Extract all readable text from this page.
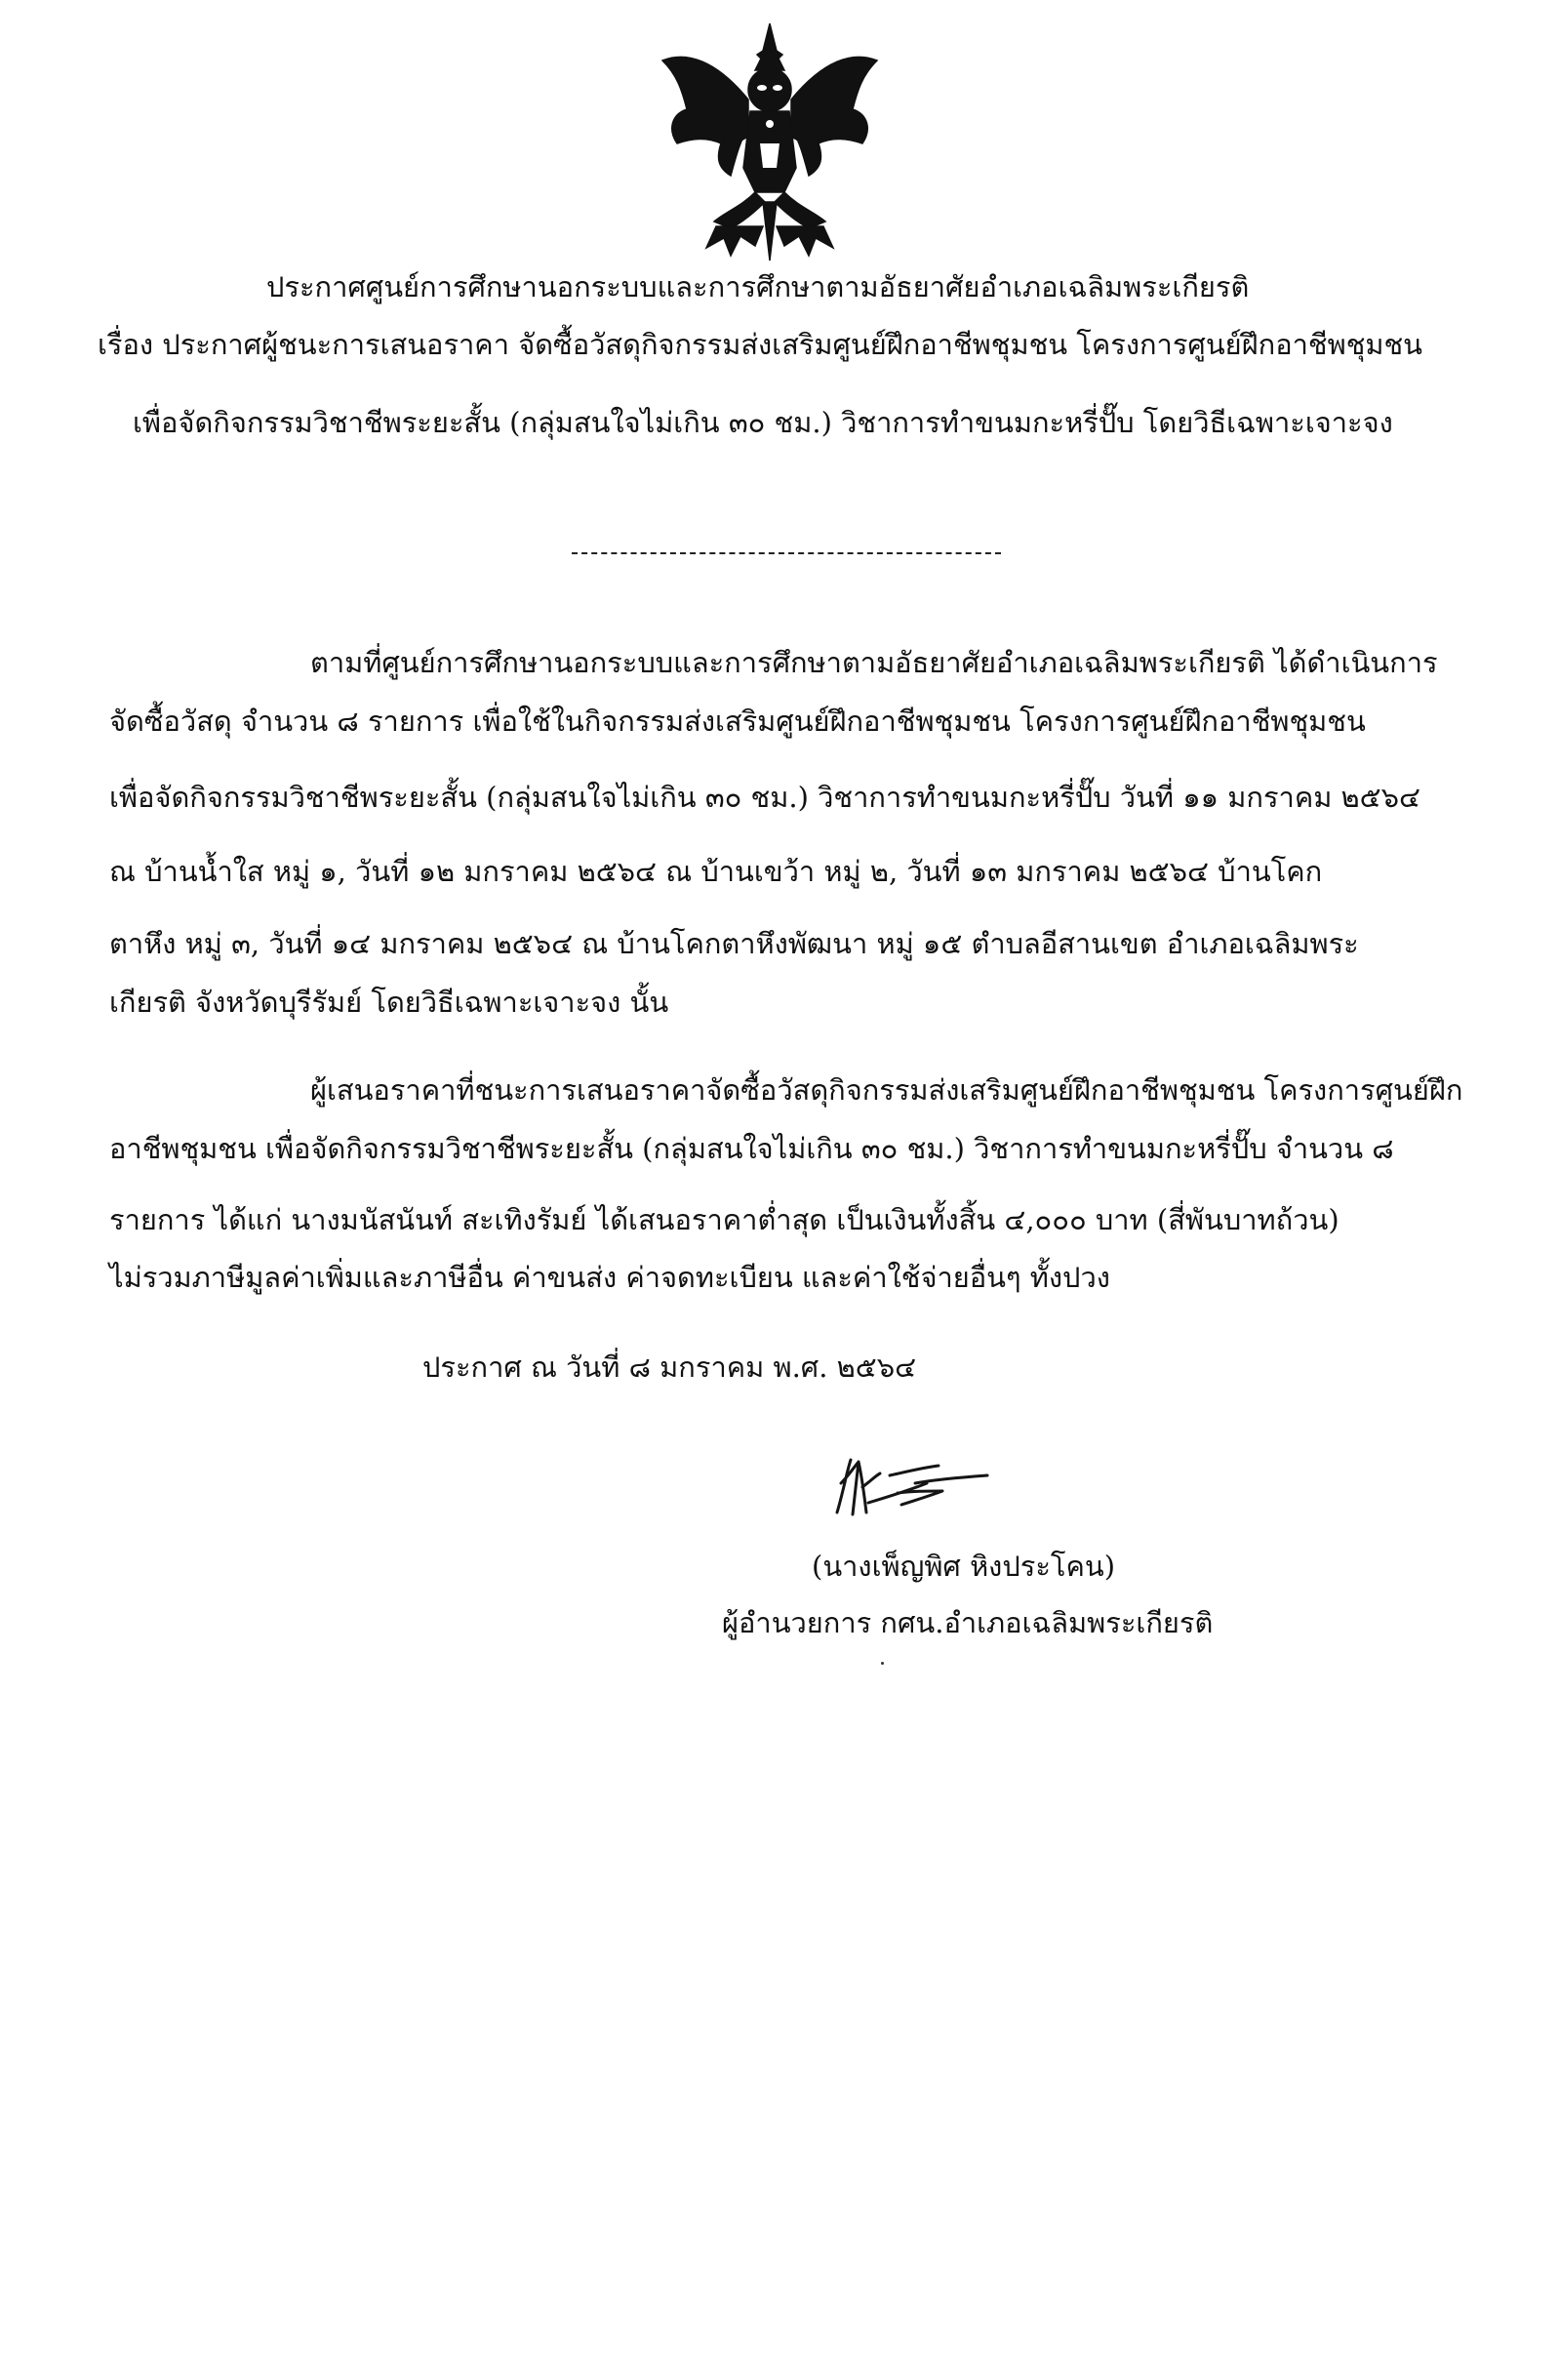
ประกาศศูนย์การศึกษานอกระบบและการศึกษาตามอัธยาศัยอำเภอเฉลิมพระเกียรติ
เรื่อง ประกาศผู้ชนะการเสนอราคา จัดซื้อวัสดุกิจกรรมส่งเสริมศูนย์ฝึกอาชีพชุมชน โครงการศูนย์ฝึกอาชีพชุมชน
เพื่อจัดกิจกรรมวิชาชีพระยะสั้น (กลุ่มสนใจไม่เกิน ๓๐ ชม.) วิชาการทำขนมกะหรี่ปั๊บ โดยวิธีเฉพาะเจาะจง
ตามที่ศูนย์การศึกษานอกระบบและการศึกษาตามอัธยาศัยอำเภอเฉลิมพระเกียรติ ได้ดำเนินการ
จัดซื้อวัสดุ จำนวน ๘ รายการ เพื่อใช้ในกิจกรรมส่งเสริมศูนย์ฝึกอาชีพชุมชน โครงการศูนย์ฝึกอาชีพชุมชน
เพื่อจัดกิจกรรมวิชาชีพระยะสั้น (กลุ่มสนใจไม่เกิน ๓๐ ชม.) วิชาการทำขนมกะหรี่ปั๊บ วันที่ ๑๑ มกราคม ๒๕๖๔
ณ บ้านน้ำใส หมู่ ๑, วันที่ ๑๒ มกราคม ๒๕๖๔ ณ บ้านเขว้า หมู่ ๒, วันที่ ๑๓ มกราคม ๒๕๖๔ บ้านโคก
ตาหึง หมู่ ๓, วันที่ ๑๔ มกราคม ๒๕๖๔ ณ บ้านโคกตาหึงพัฒนา หมู่ ๑๕ ตำบลอีสานเขต อำเภอเฉลิมพระ
เกียรติ จังหวัดบุรีรัมย์ โดยวิธีเฉพาะเจาะจง นั้น
ผู้เสนอราคาที่ชนะการเสนอราคาจัดซื้อวัสดุกิจกรรมส่งเสริมศูนย์ฝึกอาชีพชุมชน โครงการศูนย์ฝึก
อาชีพชุมชน เพื่อจัดกิจกรรมวิชาชีพระยะสั้น (กลุ่มสนใจไม่เกิน ๓๐ ชม.) วิชาการทำขนมกะหรี่ปั๊บ จำนวน ๘
รายการ ได้แก่ นางมนัสนันท์ สะเทิงรัมย์ ได้เสนอราคาต่ำสุด เป็นเงินทั้งสิ้น ๔,๐๐๐ บาท (สี่พันบาทถ้วน)
ไม่รวมภาษีมูลค่าเพิ่มและภาษีอื่น ค่าขนส่ง ค่าจดทะเบียน และค่าใช้จ่ายอื่นๆ ทั้งปวง
ประกาศ ณ วันที่ ๘ มกราคม พ.ศ. ๒๕๖๔
(นางเพ็ญพิศ หิงประโคน)
ผู้อำนวยการ กศน.อำเภอเฉลิมพระเกียรติ
